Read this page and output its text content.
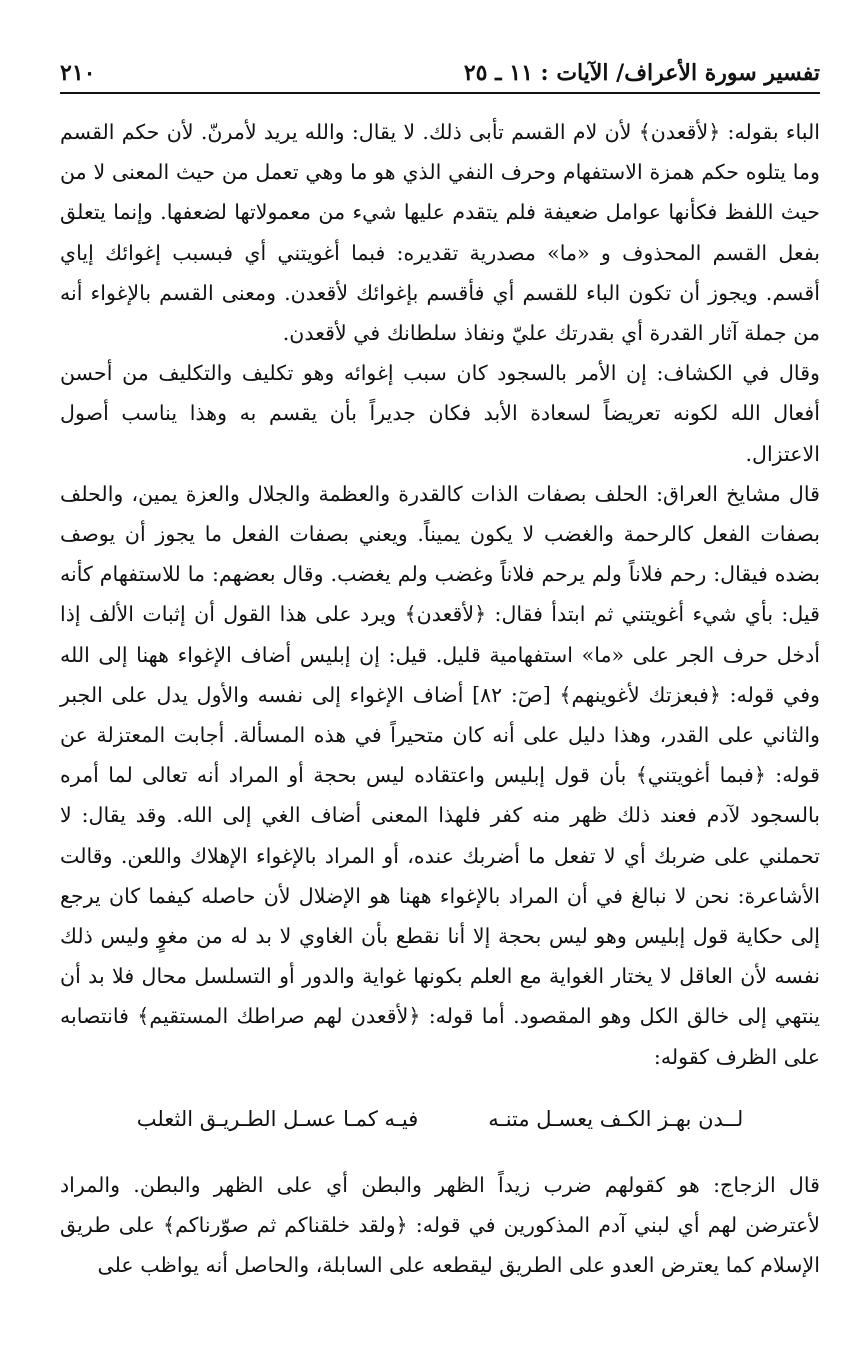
تفسير سورة الأعراف/ الآيات : ١١ ـ ٢٥
٢١٠

الباء بقوله: ﴿لأقعدن﴾ لأن لام القسم تأبى ذلك. لا يقال: والله يريد لأمرنّ. لأن حكم القسم وما يتلوه حكم همزة الاستفهام وحرف النفي الذي هو ما وهي تعمل من حيث المعنى لا من حيث اللفظ فكأنها عوامل ضعيفة فلم يتقدم عليها شيء من معمولاتها لضعفها. وإنما يتعلق بفعل القسم المحذوف و «ما» مصدرية تقديره: فبما أغويتني أي فبسبب إغوائك إياي أقسم. ويجوز أن تكون الباء للقسم أي فأقسم بإغوائك لأقعدن. ومعنى القسم بالإغواء أنه من جملة آثار القدرة أي بقدرتك عليّ ونفاذ سلطانك في لأقعدن.

وقال في الكشاف: إن الأمر بالسجود كان سبب إغوائه وهو تكليف والتكليف من أحسن أفعال الله لكونه تعريضاً لسعادة الأبد فكان جديراً بأن يقسم به وهذا يناسب أصول الاعتزال.

قال مشايخ العراق: الحلف بصفات الذات كالقدرة والعظمة والجلال والعزة يمين، والحلف بصفات الفعل كالرحمة والغضب لا يكون يميناً. ويعني بصفات الفعل ما يجوز أن يوصف بضده فيقال: رحم فلاناً ولم يرحم فلاناً وغضب ولم يغضب. وقال بعضهم: ما للاستفهام كأنه قيل: بأي شيء أغويتني ثم ابتدأ فقال: ﴿لأقعدن﴾ ويرد على هذا القول أن إثبات الألف إذا أدخل حرف الجر على «ما» استفهامية قليل. قيل: إن إبليس أضاف الإغواء ههنا إلى الله وفي قوله: ﴿فبعزتك لأغوينهم﴾ [صٓ: ٨٢] أضاف الإغواء إلى نفسه والأول يدل على الجبر والثاني على القدر، وهذا دليل على أنه كان متحيراً في هذه المسألة. أجابت المعتزلة عن قوله: ﴿فبما أغويتني﴾ بأن قول إبليس واعتقاده ليس بحجة أو المراد أنه تعالى لما أمره بالسجود لآدم فعند ذلك ظهر منه كفر فلهذا المعنى أضاف الغي إلى الله. وقد يقال: لا تحملني على ضربك أي لا تفعل ما أضربك عنده، أو المراد بالإغواء الإهلاك واللعن. وقالت الأشاعرة: نحن لا نبالغ في أن المراد بالإغواء ههنا هو الإضلال لأن حاصله كيفما كان يرجع إلى حكاية قول إبليس وهو ليس بحجة إلا أنا نقطع بأن الغاوي لا بد له من مغوٍ وليس ذلك نفسه لأن العاقل لا يختار الغواية مع العلم بكونها غواية والدور أو التسلسل محال فلا بد أن ينتهي إلى خالق الكل وهو المقصود. أما قوله: ﴿لأقعدن لهم صراطك المستقيم﴾ فانتصابه على الظرف كقوله:

لــدن بهـز الكـف يعسـل متنـه
فيـه كمـا عسـل الطـريـق الثعلب

قال الزجاج: هو كقولهم ضرب زيداً الظهر والبطن أي على الظهر والبطن. والمراد لأعترضن لهم أي لبني آدم المذكورين في قوله: ﴿ولقد خلقناكم ثم صوّرناكم﴾ على طريق الإسلام كما يعترض العدو على الطريق ليقطعه على السابلة، والحاصل أنه يواظب على
